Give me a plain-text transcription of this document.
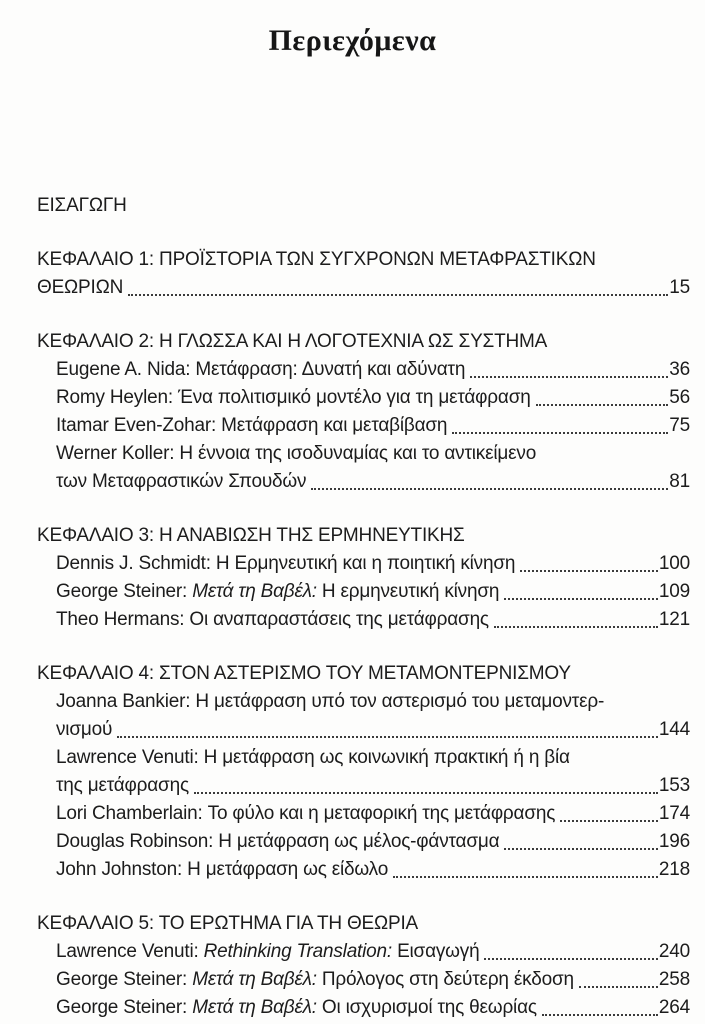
Περιεχόμενα
ΕΙΣΑΓΩΓΗ
ΚΕΦΑΛΑΙΟ 1: ΠΡΟΪΣΤΟΡΙΑ ΤΩΝ ΣΥΓΧΡΟΝΩΝ ΜΕΤΑΦΡΑΣΤΙΚΩΝ
ΘΕΩΡΙΩΝ	15
ΚΕΦΑΛΑΙΟ 2: Η ΓΛΩΣΣΑ ΚΑΙ Η ΛΟΓΟΤΕΧΝΙΑ ΩΣ ΣΥΣΤΗΜΑ
Eugene A. Nida: Μετάφραση: Δυνατή και αδύνατη	36
Romy Heylen: Ένα πολιτισμικό μοντέλο για τη μετάφραση	56
Itamar Even-Zohar: Μετάφραση και μεταβίβαση	75
Werner Koller: Η έννοια της ισοδυναμίας και το αντικείμενο
των Μεταφραστικών Σπουδών	81
ΚΕΦΑΛΑΙΟ 3: Η ΑΝΑΒΙΩΣΗ ΤΗΣ ΕΡΜΗΝΕΥΤΙΚΗΣ
Dennis J. Schmidt: Η Ερμηνευτική και η ποιητική κίνηση	100
George Steiner: Μετά τη Βαβέλ: Η ερμηνευτική κίνηση	109
Theo Hermans: Οι αναπαραστάσεις της μετάφρασης	121
ΚΕΦΑΛΑΙΟ 4: ΣΤΟΝ ΑΣΤΕΡΙΣΜΟ ΤΟΥ ΜΕΤΑΜΟΝΤΕΡΝΙΣΜΟΥ
Joanna Bankier: Η μετάφραση υπό τον αστερισμό του μεταμοντερ-
νισμού	144
Lawrence Venuti: Η μετάφραση ως κοινωνική πρακτική ή η βία
της μετάφρασης	153
Lori Chamberlain: Το φύλο και η μεταφορική της μετάφρασης	174
Douglas Robinson: Η μετάφραση ως μέλος-φάντασμα	196
John Johnston: Η μετάφραση ως είδωλο	218
ΚΕΦΑΛΑΙΟ 5: ΤΟ ΕΡΩΤΗΜΑ ΓΙΑ ΤΗ ΘΕΩΡΙΑ
Lawrence Venuti: Rethinking Translation: Εισαγωγή	240
George Steiner: Μετά τη Βαβέλ: Πρόλογος στη δεύτερη έκδοση	258
George Steiner: Μετά τη Βαβέλ: Οι ισχυρισμοί της θεωρίας	264
